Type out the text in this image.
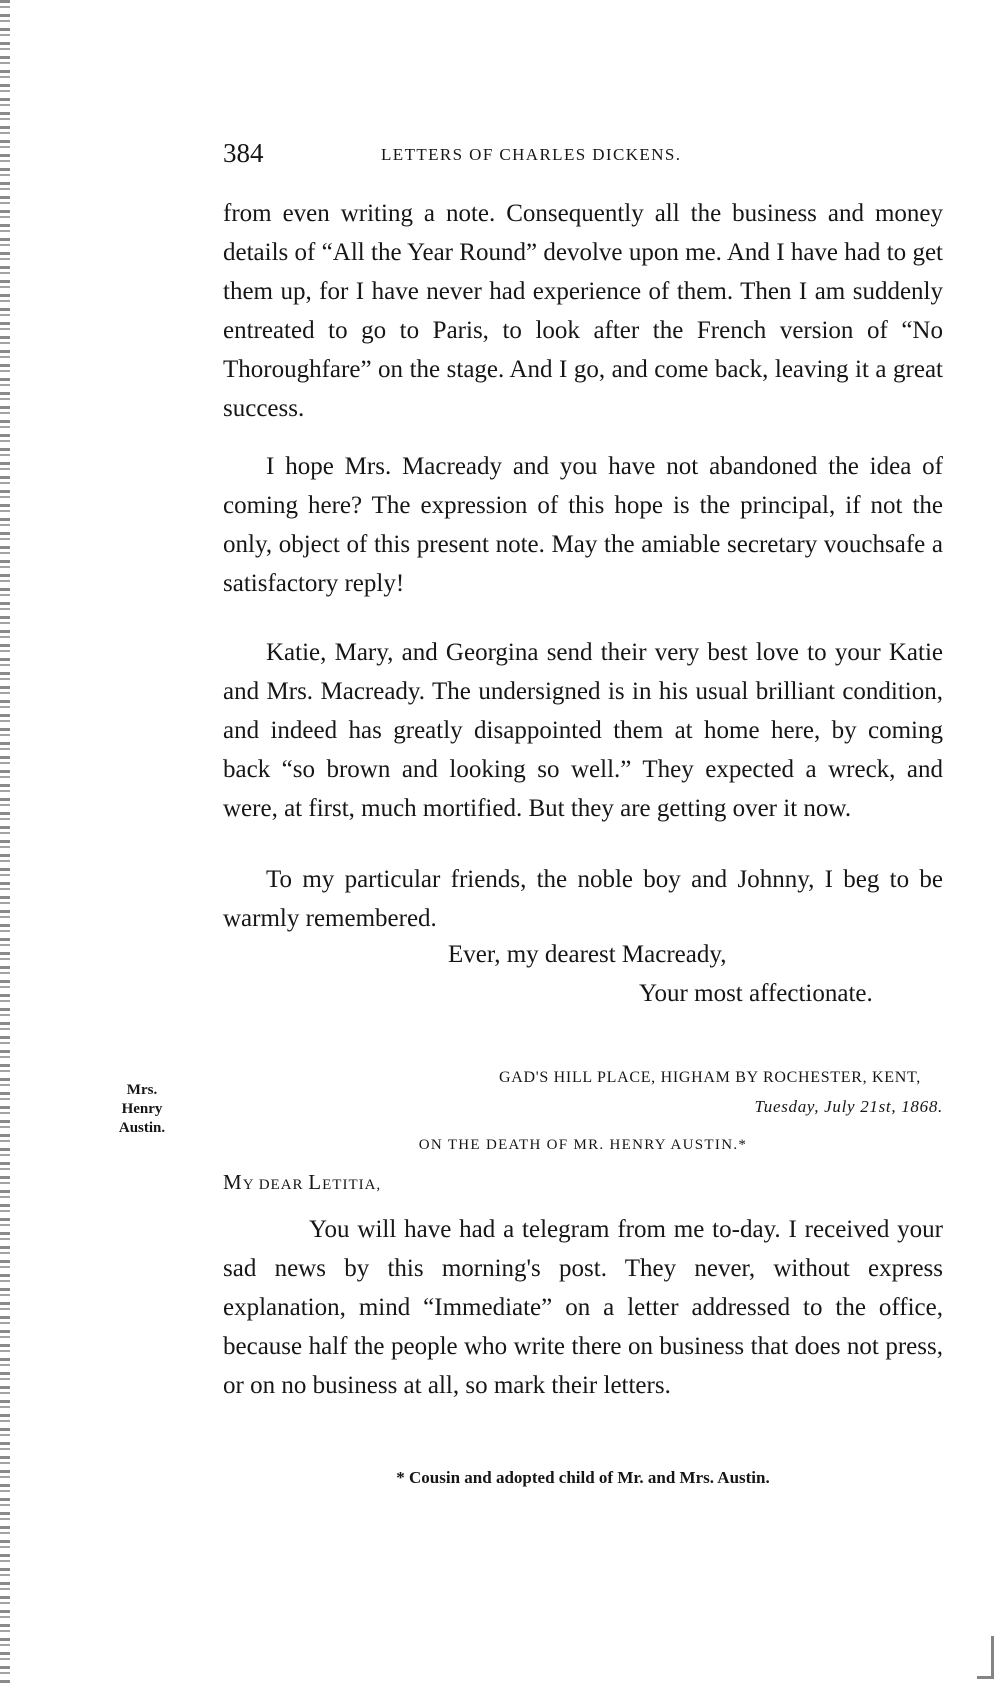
384	LETTERS OF CHARLES DICKENS.

from even writing a note. Consequently all the business and money details of “All the Year Round” devolve upon me. And I have had to get them up, for I have never had experience of them. Then I am suddenly entreated to go to Paris, to look after the French version of “No Thoroughfare” on the stage. And I go, and come back, leaving it a great success.

I hope Mrs. Macready and you have not abandoned the idea of coming here? The expression of this hope is the principal, if not the only, object of this present note. May the amiable secretary vouchsafe a satisfactory reply!

Katie, Mary, and Georgina send their very best love to your Katie and Mrs. Macready. The undersigned is in his usual brilliant condition, and indeed has greatly disappointed them at home here, by coming back “so brown and looking so well.” They expected a wreck, and were, at first, much mortified. But they are getting over it now.

To my particular friends, the noble boy and Johnny, I beg to be warmly remembered.

Ever, my dearest Macready,
Your most affectionate.
Mrs.
Henry
Austin.
GAD'S HILL PLACE, HIGHAM BY ROCHESTER, KENT,
Tuesday, July 21st, 1868.
ON THE DEATH OF MR. HENRY AUSTIN.*
MY DEAR LETITIA,

You will have had a telegram from me to-day. I received your sad news by this morning's post. They never, without express explanation, mind “Immediate” on a letter addressed to the office, because half the people who write there on business that does not press, or on no business at all, so mark their letters.

* Cousin and adopted child of Mr. and Mrs. Austin.
